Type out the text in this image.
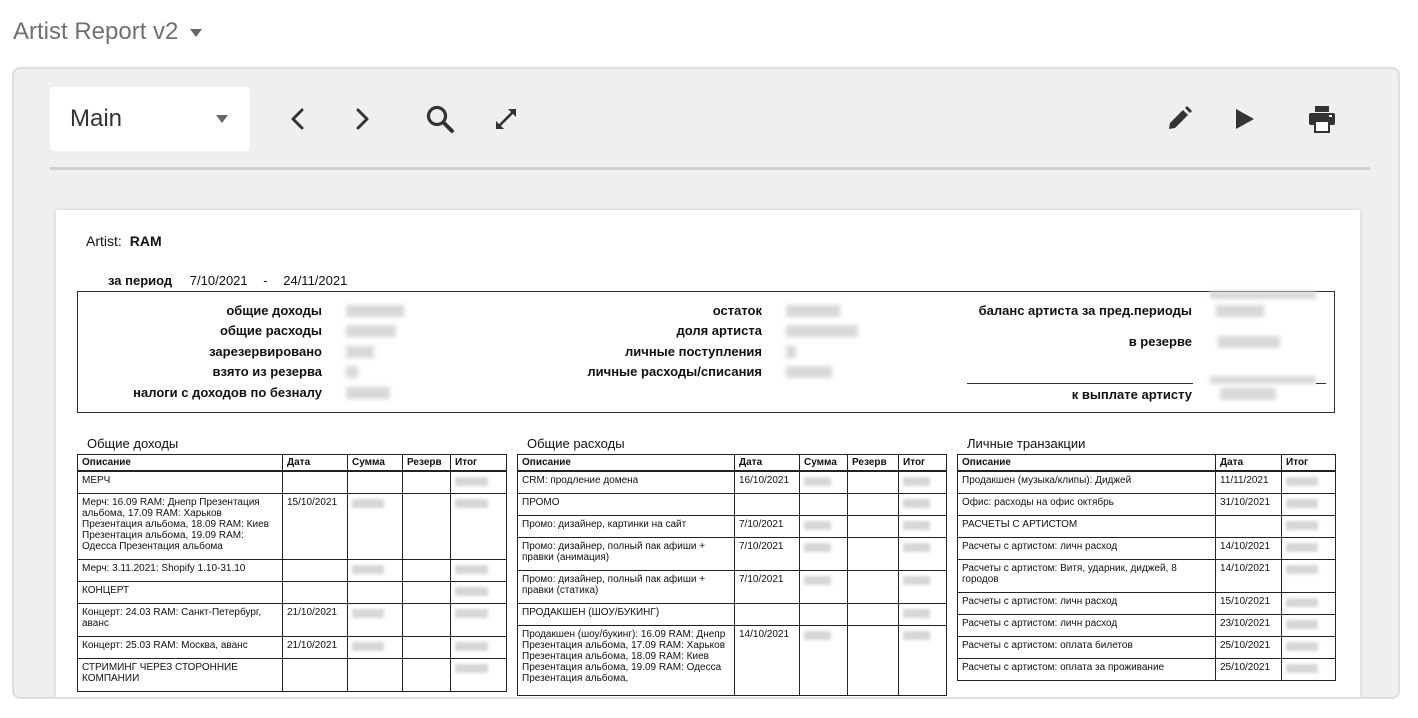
Artist Report v2
Main
Artist: RAM
за период 7/10/2021 - 24/11/2021
общие доходы
общие расходы
зарезервировано
взято из резерва
налоги с доходов по безналу
остаток
доля артиста
личные поступления
личные расходы/списания
баланс артиста за пред.периоды
в резерве
к выплате артисту
Общие доходы
Описание	Дата	Сумма	Резерв	Итог
МЕРЧ				

Мерч: 16.09 RAM: Днепр Презентация альбома, 17.09 RAM: Харьков Презентация альбома, 18.09 RAM: Киев Презентация альбома, 19.09 RAM: Одесса Презентация альбома	15/10/2021	

Мерч: 3.11.2021: Shopify 1.10-31.10		

КОНЦЕРТ				

Концерт: 24.03 RAM: Санкт-Петербург, аванс	21/10/2021	

Концерт: 25.03 RAM: Москва, аванс	21/10/2021	

СТРИМИНГ ЧЕРЕЗ СТОРОННИЕ КОМПАНИИ				
Общие расходы
Описание	Дата	Сумма	Резерв	Итог
CRM: продление домена	16/10/2021	

ПРОМО				

Промо: дизайнер, картинки на сайт	7/10/2021	

Промо: дизайнер, полный пак афиши + правки (анимация)	7/10/2021	

Промо: дизайнер, полный пак афиши + правки (статика)	7/10/2021	

ПРОДАКШЕН (ШОУ/БУКИНГ)				

Продакшен (шоу/букинг): 16.09 RAM: Днепр Презентация альбома, 17.09 RAM: Харьков Презентация альбома, 18.09 RAM: Киев Презентация альбома, 19.09 RAM: Одесса Презентация альбома,	14/10/2021	

Личные транзакции
Описание	Дата	Итог
Продакшен (музыка/клипы): Диджей	11/11/2021	

Офис: расходы на офис октябрь	31/10/2021	

РАСЧЕТЫ С АРТИСТОМ		

Расчеты с артистом: личн расход	14/10/2021	

Расчеты с артистом: Витя, ударник, диджей, 8 городов	14/10/2021	

Расчеты с артистом: личн расход	15/10/2021	

Расчеты с артистом: личн расход	23/10/2021	

Расчеты с артистом: оплата билетов	25/10/2021	

Расчеты с артистом: оплата за проживание	25/10/2021	
